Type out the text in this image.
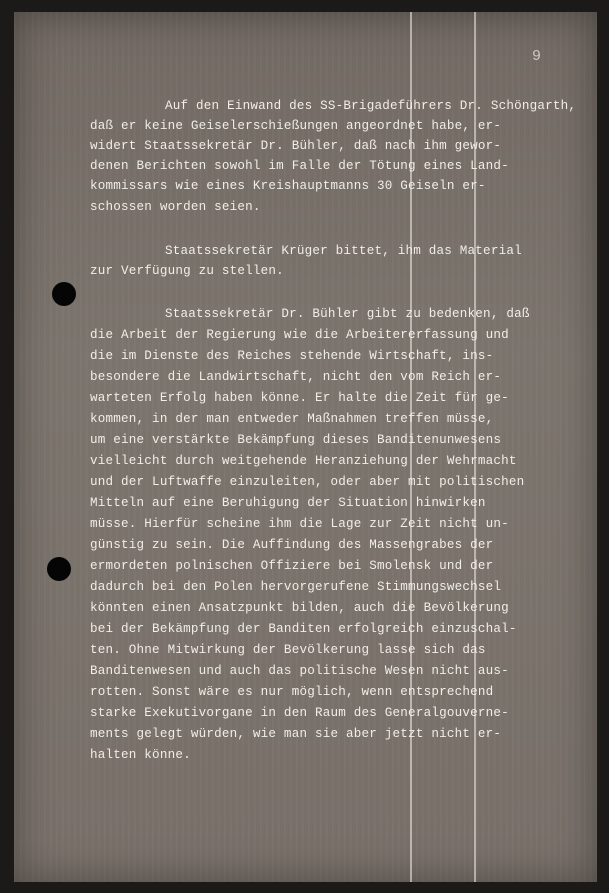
9

Auf den Einwand des SS-Brigadeführers Dr. Schöngarth,

daß er keine Geiselerschießungen angeordnet habe, er-

widert Staatssekretär Dr. Bühler, daß nach ihm gewor-

denen Berichten sowohl im Falle der Tötung eines Land-

kommissars wie eines Kreishauptmanns 30 Geiseln er-

schossen worden seien.

Staatssekretär Krüger bittet, ihm das Material

zur Verfügung zu stellen.

Staatssekretär Dr. Bühler gibt zu bedenken, daß

die Arbeit der Regierung wie die Arbeitererfassung und

die im Dienste des Reiches stehende Wirtschaft, ins-

besondere die Landwirtschaft, nicht den vom Reich er-

warteten Erfolg haben könne. Er halte die Zeit für ge-

kommen, in der man entweder Maßnahmen treffen müsse,

um eine verstärkte Bekämpfung dieses Banditenunwesens

vielleicht durch weitgehende Heranziehung der Wehrmacht

und der Luftwaffe einzuleiten, oder aber mit politischen

Mitteln auf eine Beruhigung der Situation hinwirken

müsse. Hierfür scheine ihm die Lage zur Zeit nicht un-

günstig zu sein. Die Auffindung des Massengrabes der

ermordeten polnischen Offiziere bei Smolensk und der

dadurch bei den Polen hervorgerufene Stimmungswechsel

könnten einen Ansatzpunkt bilden, auch die Bevölkerung

bei der Bekämpfung der Banditen erfolgreich einzuschal-

ten. Ohne Mitwirkung der Bevölkerung lasse sich das

Banditenwesen und auch das politische Wesen nicht aus-

rotten. Sonst wäre es nur möglich, wenn entsprechend

starke Exekutivorgane in den Raum des Generalgouverne-

ments gelegt würden, wie man sie aber jetzt nicht er-

halten könne.
